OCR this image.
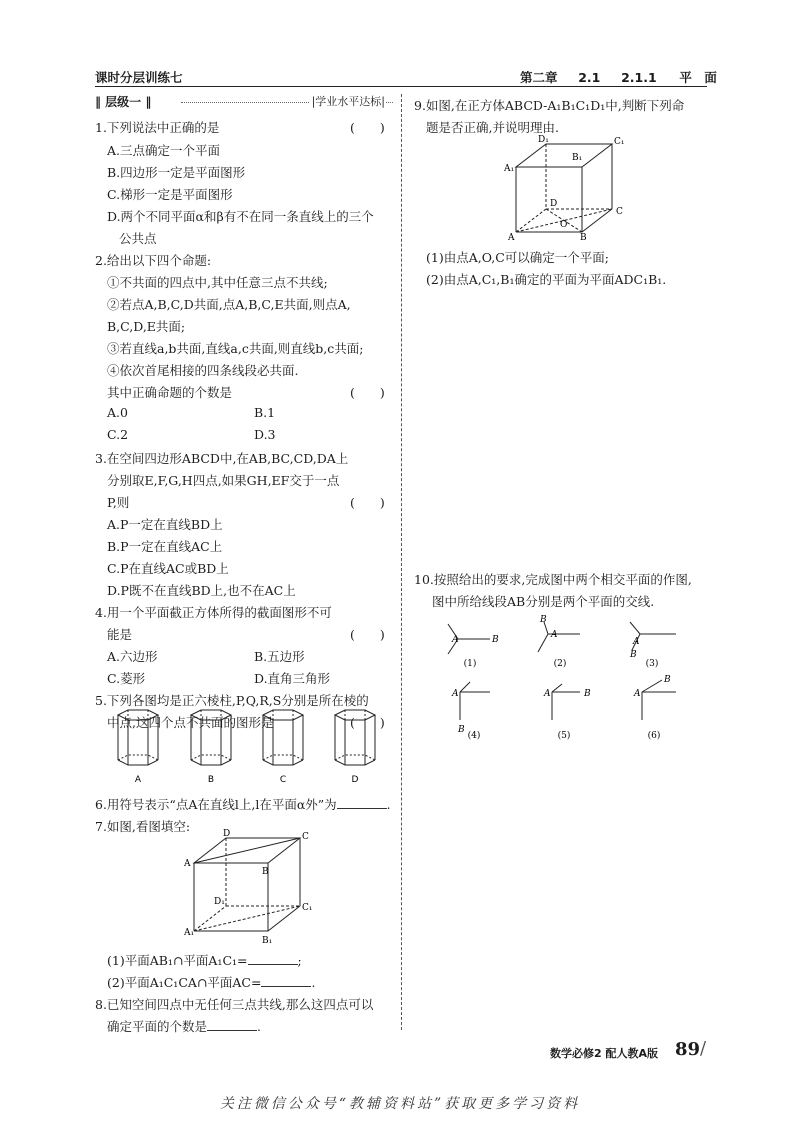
课时分层训练七	第二章 2.1 2.1.1 平　面
‖ 层级一 ‖	|学业水平达标|
1.下列说法中正确的是	(　　)
A.三点确定一个平面
B.四边形一定是平面图形
C.梯形一定是平面图形
D.两个不同平面α和β有不在同一条直线上的三个
公共点
2.给出以下四个命题:
①不共面的四点中,其中任意三点不共线;
②若点A,B,C,D共面,点A,B,C,E共面,则点A,
B,C,D,E共面;
③若直线a,b共面,直线a,c共面,则直线b,c共面;
④依次首尾相接的四条线段必共面.
其中正确命题的个数是	(　　)
A.0	B.1
C.2	D.3
3.在空间四边形ABCD中,在AB,BC,CD,DA上
分别取E,F,G,H四点,如果GH,EF交于一点
P,则	(　　)
A.P一定在直线BD上
B.P一定在直线AC上
C.P在直线AC或BD上
D.P既不在直线BD上,也不在AC上
4.用一个平面截正方体所得的截面图形不可
能是	(　　)
A.六边形	B.五边形
C.菱形	D.直角三角形
5.下列各图均是正六棱柱,P,Q,R,S分别是所在棱的
中点,这四个点不共面的图形是	(　　)
A	B	C	D
6.用符号表示“点A在直线l上,l在平面α外”为	.
7.如图,看图填空:	D	C
A
B
D₁
C₁
A₁
B₁
(1)平面AB₁∩平面A₁C₁=	;
(2)平面A₁C₁CA∩平面AC=	.
8.已知空间四点中无任何三点共线,那么这四点可以
确定平面的个数是	.
9.如图,在正方体ABCD-A₁B₁C₁D₁中,判断下列命
题是否正确,并说明理由.
D₁	C₁
A₁
B₁
D
C
A	B
O
(1)由点A,O,C可以确定一个平面;
(2)由点A,C₁,B₁确定的平面为平面ADC₁B₁.
10.按照给出的要求,完成图中两个相交平面的作图,
图中所给线段AB分别是两个平面的交线.
A	B
B
A
A
B
A
B
A	B	A
B
(1)	(2)	(3)
(4)	(5)	(6)
数学必修2 配人教A版 89 /
关注微信公众号“教辅资料站”获取更多学习资料
